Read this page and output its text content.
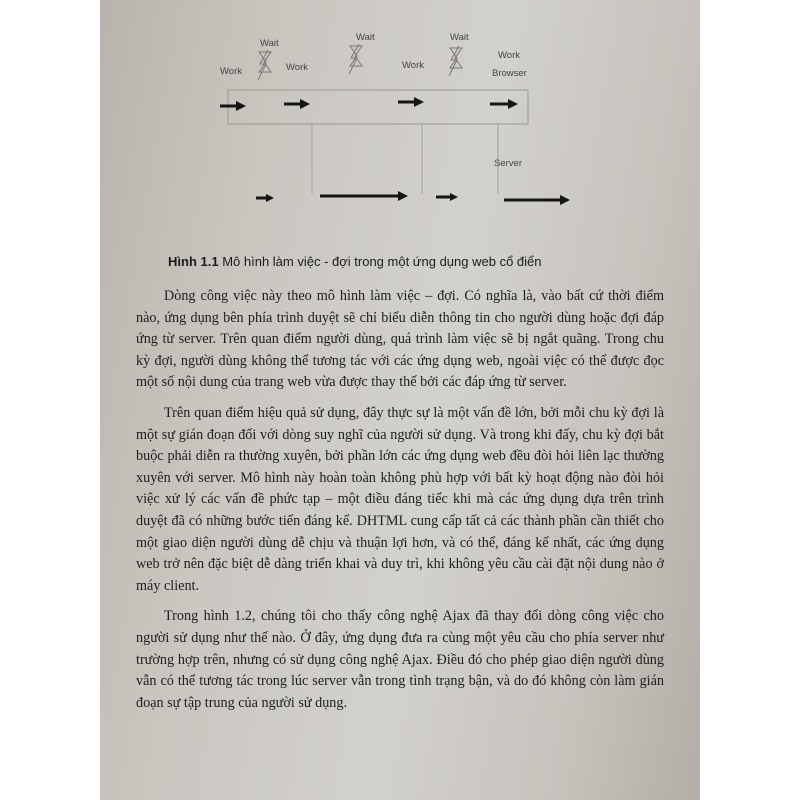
Wait
Wait	Wait
Work	Work	Work
Work
Browser
Server
Hình 1.1 Mô hình làm việc - đợi trong một ứng dụng web cổ điển

Dòng công việc này theo mô hình làm việc – đợi. Có nghĩa là, vào bất cứ thời điểm nào, ứng dụng bên phía trình duyệt sẽ chỉ biểu diễn thông tin cho người dùng hoặc đợi đáp ứng từ server. Trên quan điểm người dùng, quá trình làm việc sẽ bị ngắt quãng. Trong chu kỳ đợi, người dùng không thể tương tác với các ứng dụng web, ngoài việc có thể được đọc một số nội dung của trang web vừa được thay thế bởi các đáp ứng từ server.

Trên quan điểm hiệu quả sử dụng, đây thực sự là một vấn đề lớn, bởi mỗi chu kỳ đợi là một sự gián đoạn đối với dòng suy nghĩ của người sử dụng. Và trong khi đấy, chu kỳ đợi bắt buộc phải diễn ra thường xuyên, bởi phần lớn các ứng dụng web đều đòi hỏi liên lạc thường xuyên với server. Mô hình này hoàn toàn không phù hợp với bất kỳ hoạt động nào đòi hỏi việc xử lý các vấn đề phức tạp – một điều đáng tiếc khi mà các ứng dụng dựa trên trình duyệt đã có những bước tiến đáng kể. DHTML cung cấp tất cả các thành phần cần thiết cho một giao diện người dùng dễ chịu và thuận lợi hơn, và có thể, đáng kể nhất, các ứng dụng web trở nên đặc biệt dễ dàng triển khai và duy trì, khi không yêu cầu cài đặt nội dung nào ở máy client.

Trong hình 1.2, chúng tôi cho thấy công nghệ Ajax đã thay đổi dòng công việc cho người sử dụng như thế nào. Ở đây, ứng dụng đưa ra cùng một yêu cầu cho phía server như trường hợp trên, nhưng có sử dụng công nghệ Ajax. Điều đó cho phép giao diện người dùng vẫn có thể tương tác trong lúc server vẫn trong tình trạng bận, và do đó không còn làm gián đoạn sự tập trung của người sử dụng.
